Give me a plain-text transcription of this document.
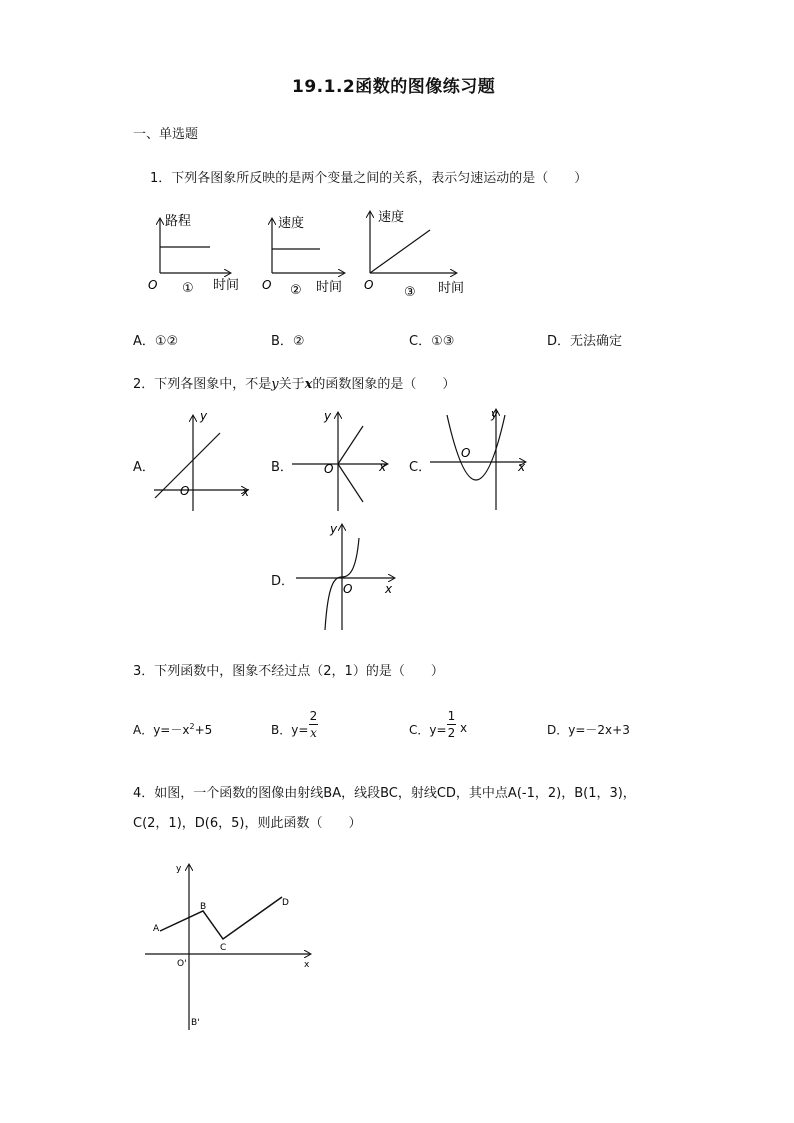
19.1.2函数的图像练习题
一、单选题
1．下列各图象所反映的是两个变量之间的关系，表示匀速运动的是（　　）
路程
时间
O ①
速度
时间
O ②
速度
时间
O ③
A．①②	B．②	C．①③	D．无法确定
2．下列各图象中，不是y关于x的函数图象的是（　　）
A．
y
x
O
B．
y
x
O	C．
y
x
O
D．
y
x
O
3．下列函数中，图象不经过点（2，1）的是（　　）
A．$y=-x^2+5$	B．y=
2
x	C．y=
1
2 x	D．y=－2x+3
4．如图，一个函数的图像由射线BA，线段BC，射线CD，其中点A(-1，2)，B(1，3)，
C(2，1)，D(6，5)，则此函数（　　）
y
x
O'
A
B
C
D
B'
